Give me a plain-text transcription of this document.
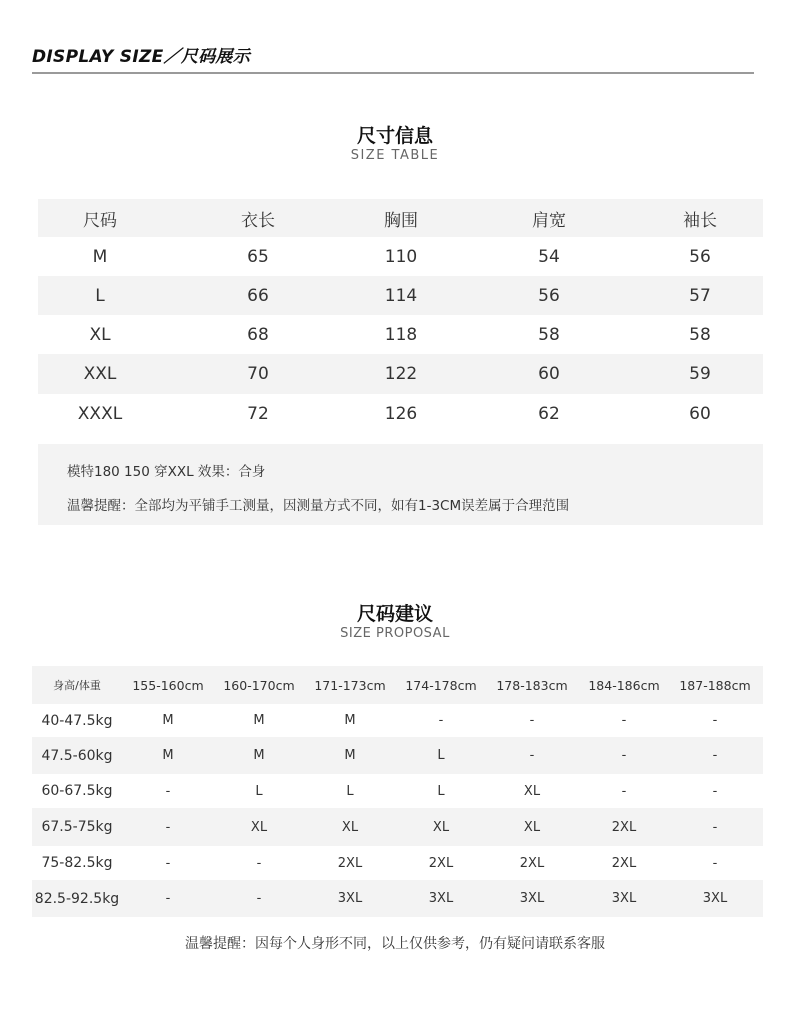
DISPLAY SIZE／尺码展示
尺寸信息
SIZE TABLE
尺码	衣长	胸围	肩宽	袖长
M	65	110	54	56
L	66	114	56	57
XL	68	118	58	58
XXL	70	122	60	59
XXXL	72	126	62	60
模特180 150 穿XXL 效果：合身
温馨提醒：全部均为平铺手工测量，因测量方式不同，如有1-3CM误差属于合理范围
尺码建议
SIZE PROPOSAL
身高/体重	155-160cm	160-170cm	171-173cm	174-178cm	178-183cm	184-186cm	187-188cm
40-47.5kg	M	M	M	-	-	-	-
47.5-60kg	M	M	M	L	-	-	-
60-67.5kg	-	L	L	L	XL	-	-
67.5-75kg	-	XL	XL	XL	XL	2XL	-
75-82.5kg	-	-	2XL	2XL	2XL	2XL	-
82.5-92.5kg	-	-	3XL	3XL	3XL	3XL	3XL
温馨提醒：因每个人身形不同，以上仅供参考，仍有疑问请联系客服
